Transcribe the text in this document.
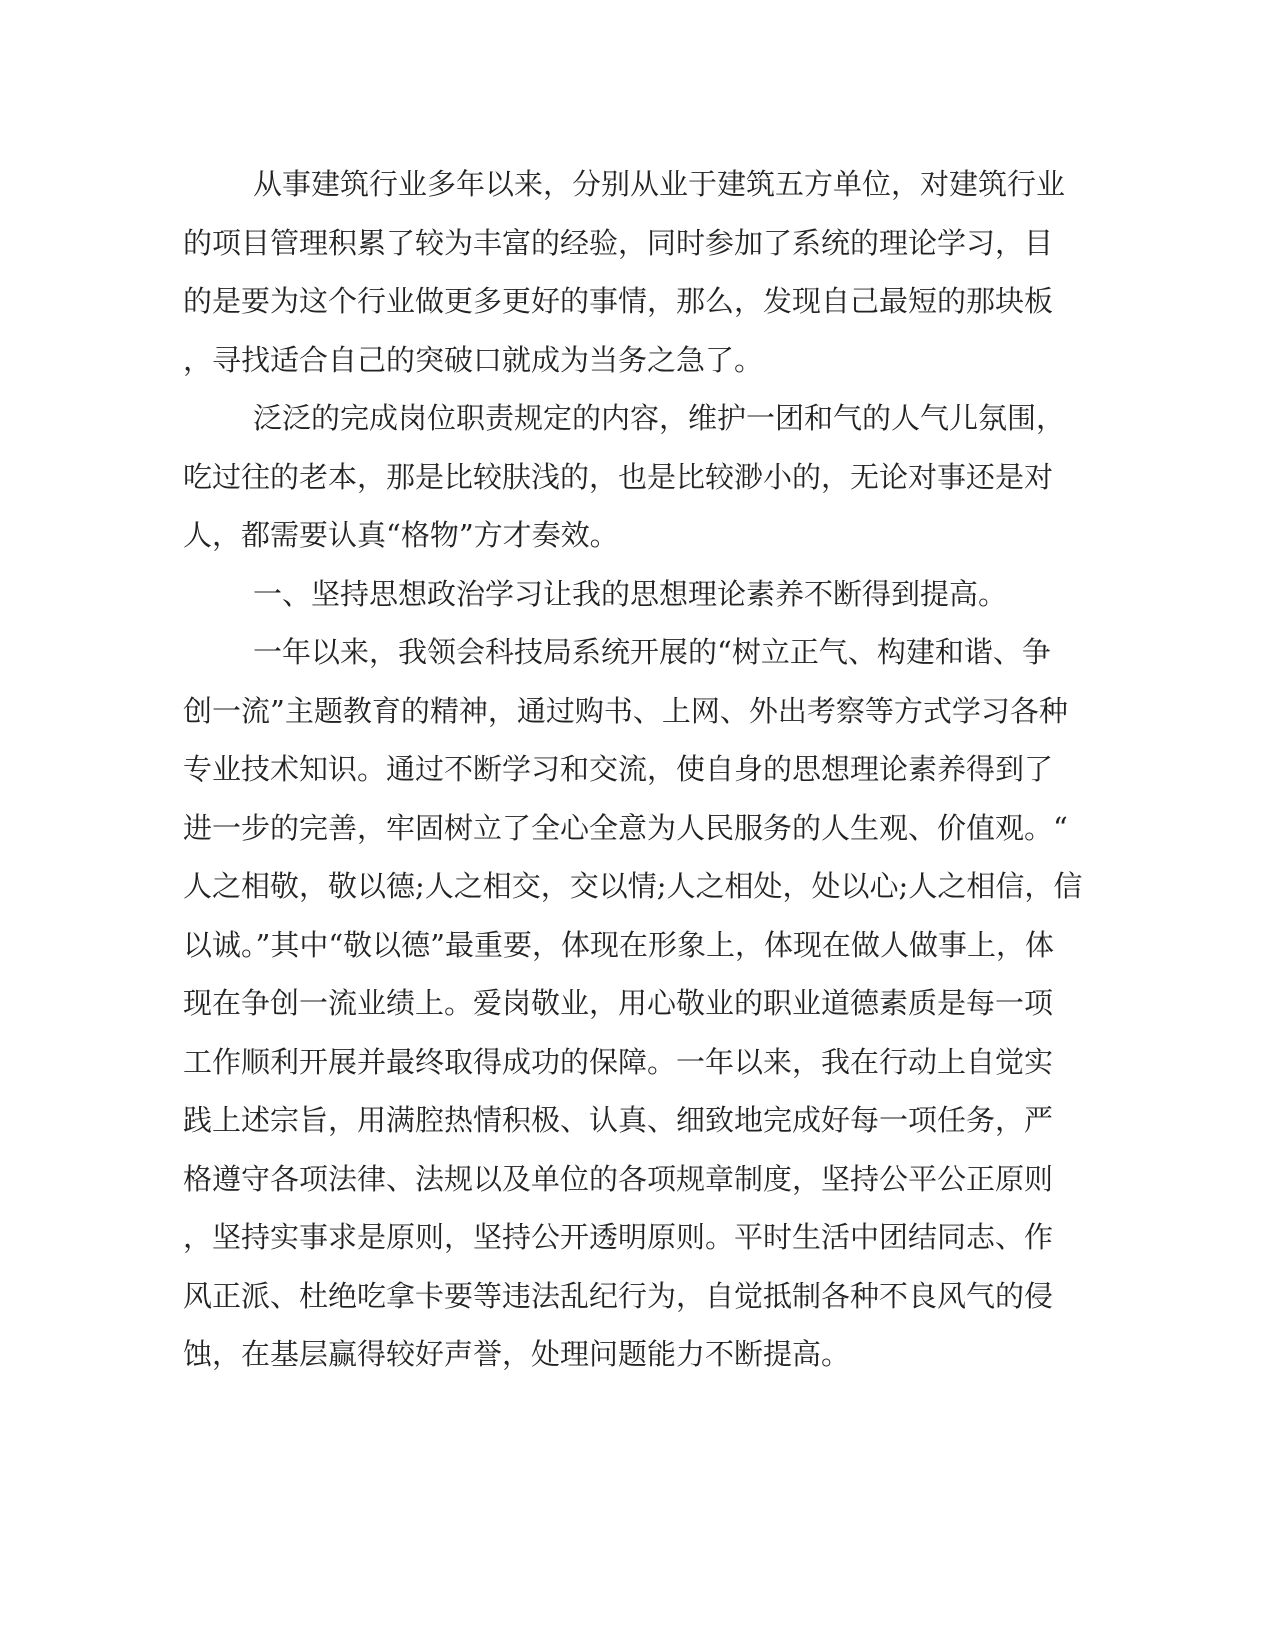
从事建筑行业多年以来，分别从业于建筑五方单位，对建筑行业
的项目管理积累了较为丰富的经验，同时参加了系统的理论学习，目
的是要为这个行业做更多更好的事情，那么，发现自己最短的那块板
，寻找适合自己的突破口就成为当务之急了。
泛泛的完成岗位职责规定的内容，维护一团和气的人气儿氛围，
吃过往的老本，那是比较肤浅的，也是比较渺小的，无论对事还是对
人，都需要认真“格物”方才奏效。
一、坚持思想政治学习让我的思想理论素养不断得到提高。
一年以来，我领会科技局系统开展的“树立正气、构建和谐、争
创一流”主题教育的精神，通过购书、上网、外出考察等方式学习各种
专业技术知识。通过不断学习和交流，使自身的思想理论素养得到了
进一步的完善，牢固树立了全心全意为人民服务的人生观、价值观。“
人之相敬，敬以德;人之相交，交以情;人之相处，处以心;人之相信，信
以诚。”其中“敬以德”最重要，体现在形象上，体现在做人做事上，体
现在争创一流业绩上。爱岗敬业，用心敬业的职业道德素质是每一项
工作顺利开展并最终取得成功的保障。一年以来，我在行动上自觉实
践上述宗旨，用满腔热情积极、认真、细致地完成好每一项任务，严
格遵守各项法律、法规以及单位的各项规章制度，坚持公平公正原则
，坚持实事求是原则，坚持公开透明原则。平时生活中团结同志、作
风正派、杜绝吃拿卡要等违法乱纪行为，自觉抵制各种不良风气的侵
蚀，在基层赢得较好声誉，处理问题能力不断提高。
